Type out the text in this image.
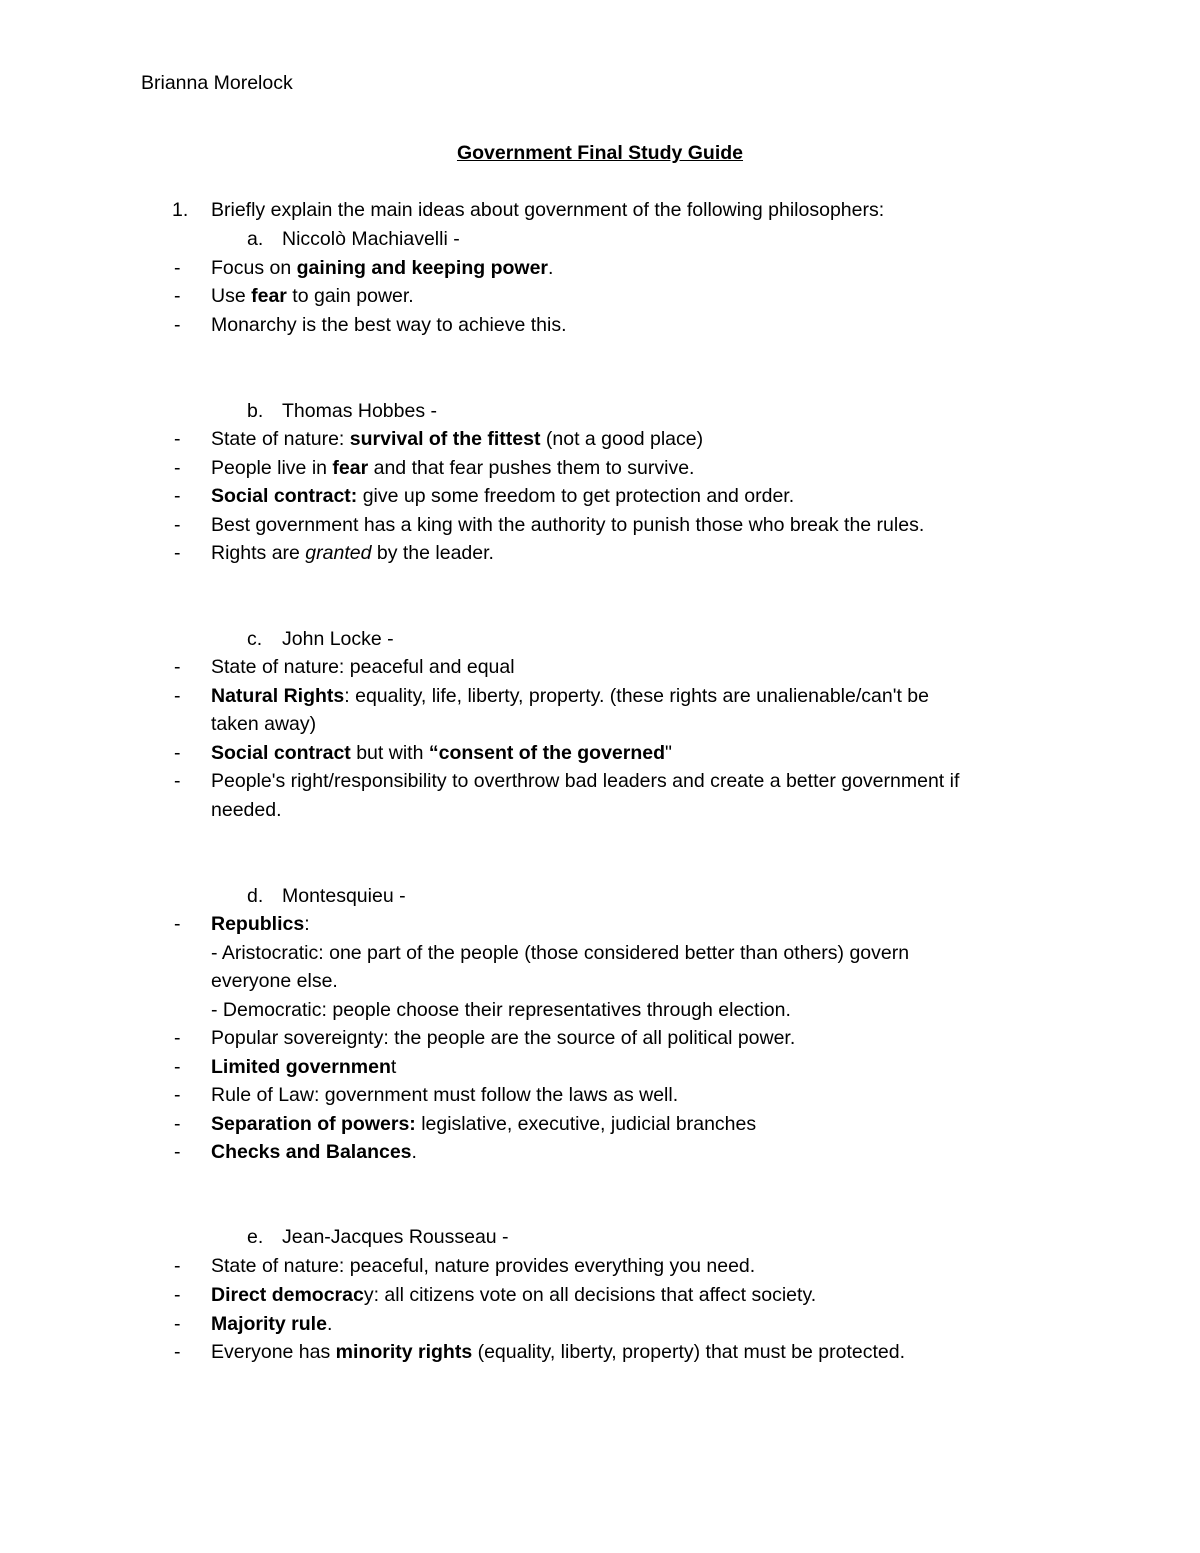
Brianna Morelock
Government Final Study Guide
1. Briefly explain the main ideas about government of the following philosophers:
a. Niccolò Machiavelli -
- Focus on gaining and keeping power.
- Use fear to gain power.
- Monarchy is the best way to achieve this.
b. Thomas Hobbes -
- State of nature: survival of the fittest (not a good place)
- People live in fear and that fear pushes them to survive.
- Social contract: give up some freedom to get protection and order.
- Best government has a king with the authority to punish those who break the rules.
- Rights are granted by the leader.
c. John Locke -
- State of nature: peaceful and equal
- Natural Rights: equality, life, liberty, property. (these rights are unalienable/can't be
taken away)
- Social contract but with “consent of the governed"
- People's right/responsibility to overthrow bad leaders and create a better government if
needed.
d. Montesquieu -
- Republics:
- Aristocratic: one part of the people (those considered better than others) govern
everyone else.
- Democratic: people choose their representatives through election.
- Popular sovereignty: the people are the source of all political power.
- Limited government
- Rule of Law: government must follow the laws as well.
- Separation of powers: legislative, executive, judicial branches
- Checks and Balances.
e. Jean-Jacques Rousseau -
- State of nature: peaceful, nature provides everything you need.
- Direct democracy: all citizens vote on all decisions that affect society.
- Majority rule.
- Everyone has minority rights (equality, liberty, property) that must be protected.
